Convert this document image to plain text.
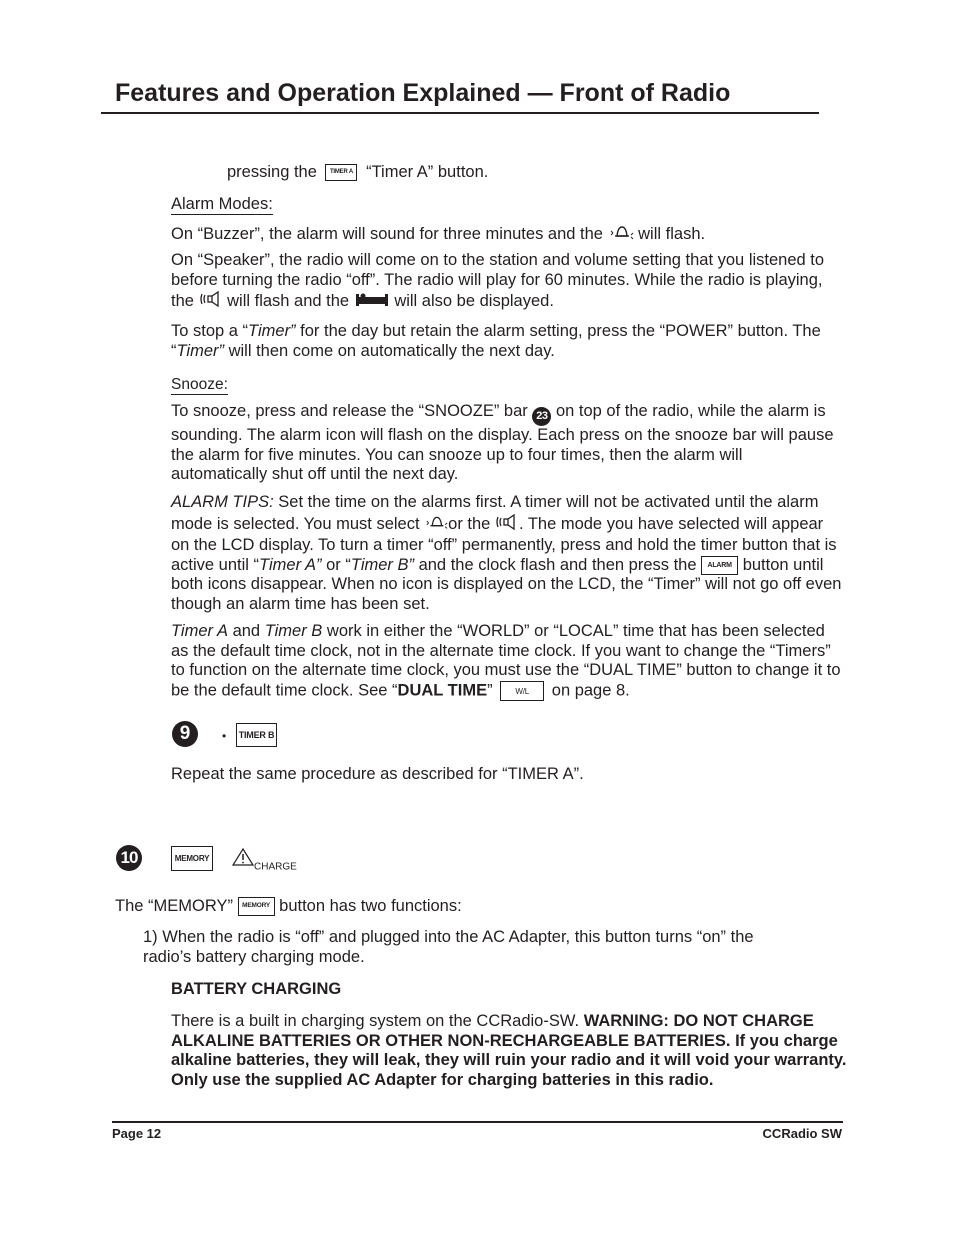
Features and Operation Explained — Front of Radio
pressing the TIMER A “Timer A” button.
Alarm Modes:
On “Buzzer”, the alarm will sound for three minutes and the will flash.
On “Speaker”, the radio will come on to the station and volume setting that you listened to before turning the radio “off”. The radio will play for 60 minutes. While the radio is playing, the will flash and the	will also be displayed.
To stop a “Timer” for the day but retain the alarm setting, press the “POWER” button. The “Timer” will then come on automatically the next day.
Snooze:
To snooze, press and release the “SNOOZE” bar 23 on top of the radio, while the alarm is sounding. The alarm icon will flash on the display. Each press on the snooze bar will pause the alarm for five minutes. You can snooze up to four times, then the alarm will automatically shut off until the next day.
ALARM TIPS: Set the time on the alarms first. A timer will not be activated until the alarm mode is selected. You must select or the . The mode you have selected will appear on the LCD display. To turn a timer “off” permanently, press and hold the timer button that is active until “Timer A” or “Timer B” and the clock flash and then press the ALARM button until both icons disappear. When no icon is displayed on the LCD, the “Timer” will not go off even though an alarm time has been set.
Timer A and Timer B work in either the “WORLD” or “LOCAL” time that has been selected as the default time clock, not in the alternate time clock. If you want to change the “Timers” to function on the alternate time clock, you must use the “DUAL TIME” button to change it to be the default time clock. See “DUAL TIME”	W/L on page 8.
9	• TIMER B
Repeat the same procedure as described for “TIMER A”.
10	MEMORY
$_{CHARGE}$
The “MEMORY” MEMORY button has two functions:
1) When the radio is “off” and plugged into the AC Adapter, this button turns “on” the radio’s battery charging mode.
BATTERY CHARGING
There is a built in charging system on the CCRadio-SW. WARNING: DO NOT CHARGE ALKALINE BATTERIES OR OTHER NON-RECHARGEABLE BATTERIES. If you charge alkaline batteries, they will leak, they will ruin your radio and it will void your warranty. Only use the supplied AC Adapter for charging batteries in this radio.
Page 12	CCRadio SW
